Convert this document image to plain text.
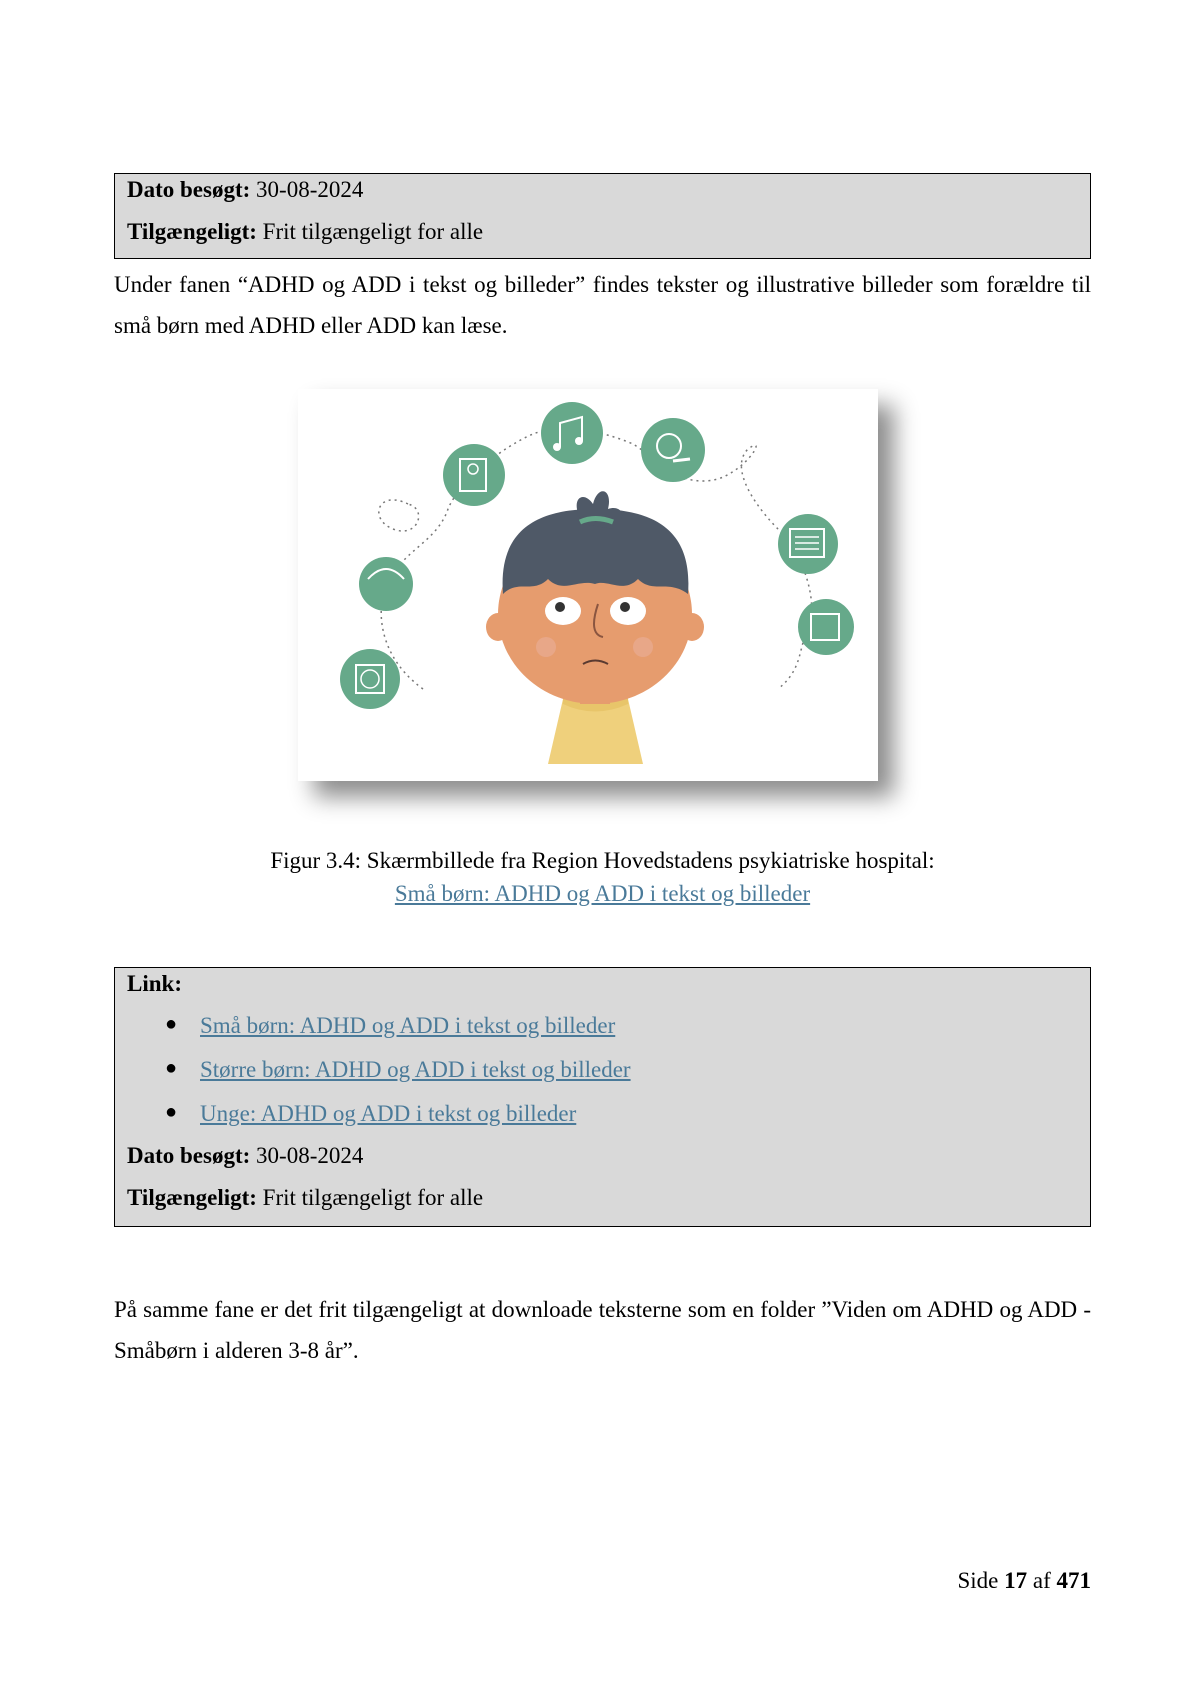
Dato besøgt: 30-08-2024
Tilgængeligt: Frit tilgængeligt for alle
Under fanen “ADHD og ADD i tekst og billeder” findes tekster og illustrative billeder som forældre til små børn med ADHD eller ADD kan læse.
Figur 3.4: Skærmbillede fra Region Hovedstadens psykiatriske hospital:
Små børn: ADHD og ADD i tekst og billeder
Link:
● Små børn: ADHD og ADD i tekst og billeder
● Større børn: ADHD og ADD i tekst og billeder
● Unge: ADHD og ADD i tekst og billeder
Dato besøgt: 30-08-2024
Tilgængeligt: Frit tilgængeligt for alle
På samme fane er det frit tilgængeligt at downloade teksterne som en folder ”Viden om ADHD og ADD - Småbørn i alderen 3-8 år”.
Side 17 af 471
